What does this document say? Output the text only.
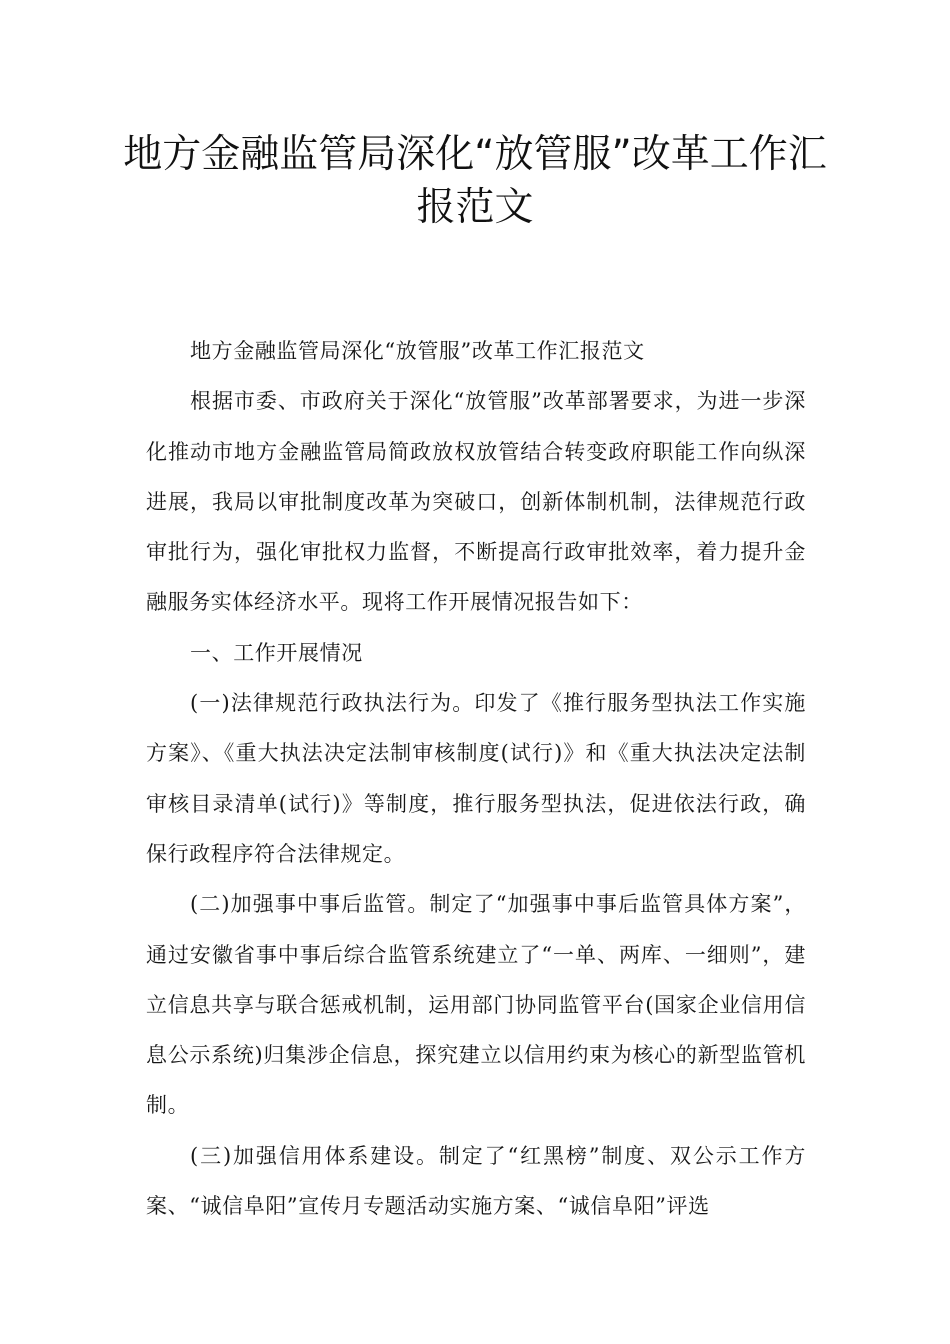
地方金融监管局深化“放管服”改革工作汇报范文

地方金融监管局深化“放管服”改革工作汇报范文

根据市委、市政府关于深化“放管服”改革部署要求，为进一步深化推动市地方金融监管局简政放权放管结合转变政府职能工作向纵深进展，我局以审批制度改革为突破口，创新体制机制，法律规范行政审批行为，强化审批权力监督，不断提高行政审批效率，着力提升金融服务实体经济水平。现将工作开展情况报告如下：

一、工作开展情况

(一)法律规范行政执法行为。印发了《推行服务型执法工作实施方案》、《重大执法决定法制审核制度(试行)》和《重大执法决定法制审核目录清单(试行)》等制度，推行服务型执法，促进依法行政，确保行政程序符合法律规定。

(二)加强事中事后监管。制定了“加强事中事后监管具体方案”，通过安徽省事中事后综合监管系统建立了“一单、两库、一细则”，建立信息共享与联合惩戒机制，运用部门协同监管平台(国家企业信用信息公示系统)归集涉企信息，探究建立以信用约束为核心的新型监管机制。

(三)加强信用体系建设。制定了“红黑榜”制度、双公示工作方案、“诚信阜阳”宣传月专题活动实施方案、“诚信阜阳”评选
